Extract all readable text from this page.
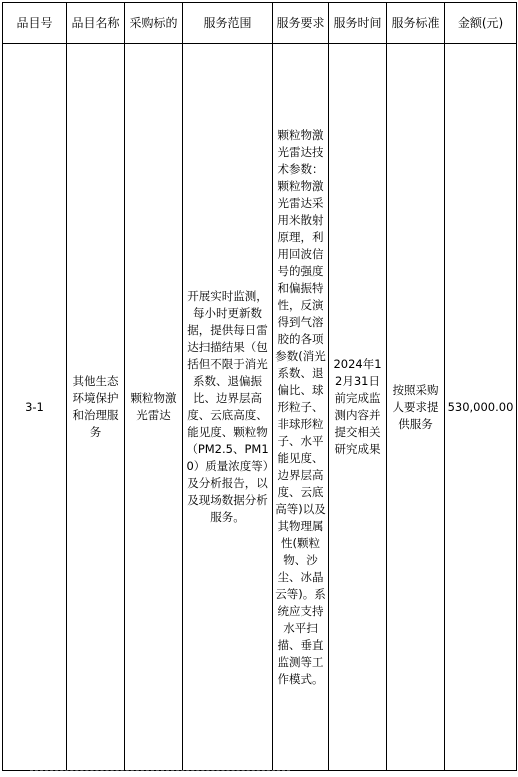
品目号	品目名称	采购标的	服务范围	服务要求	服务时间	服务标准	金额(元)
3-1	其他生态环境保护和治理服务	颗粒物激光雷达	开展实时监测，每小时更新数据，提供每日雷达扫描结果（包括但不限于消光系数、退偏振比、边界层高度、云底高度、能见度、颗粒物（PM2.5、PM10）质量浓度等）及分析报告，以及现场数据分析服务。	颗粒物激光雷达技术参数：颗粒物激光雷达采用米散射原理，利用回波信号的强度和偏振特性，反演得到气溶胶的各项参数(消光系数、退偏比、球形粒子、非球形粒子、水平能见度、边界层高度、云底高等)以及其物理属性(颗粒物、沙尘、冰晶云等)。系统应支持水平扫描、垂直监测等工作模式。	2024年12月31日前完成监测内容并提交相关研究成果	按照采购人要求提供服务	530,000.00
